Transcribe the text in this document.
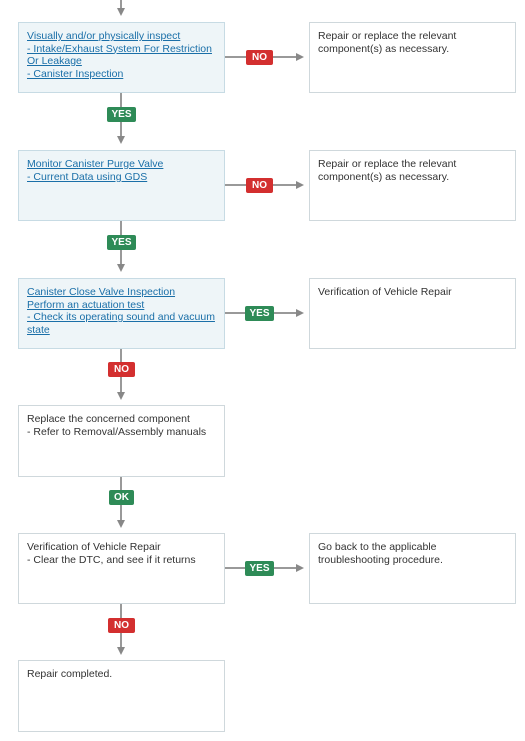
Visually and/or physically inspect
- Intake/Exhaust System For Restriction Or Leakage
- Canister Inspection
Monitor Canister Purge Valve
- Current Data using GDS
Canister Close Valve Inspection
Perform an actuation test
- Check its operating sound and vacuum state
Replace the concerned component
- Refer to Removal/Assembly manuals
Verification of Vehicle Repair
- Clear the DTC, and see if it returns
Repair completed.
Repair or replace the relevant component(s) as necessary.
Repair or replace the relevant component(s) as necessary.
Verification of Vehicle Repair
Go back to the applicable troubleshooting procedure.
NO
NO
YES
YES
YES
YES
NO
OK
NO
